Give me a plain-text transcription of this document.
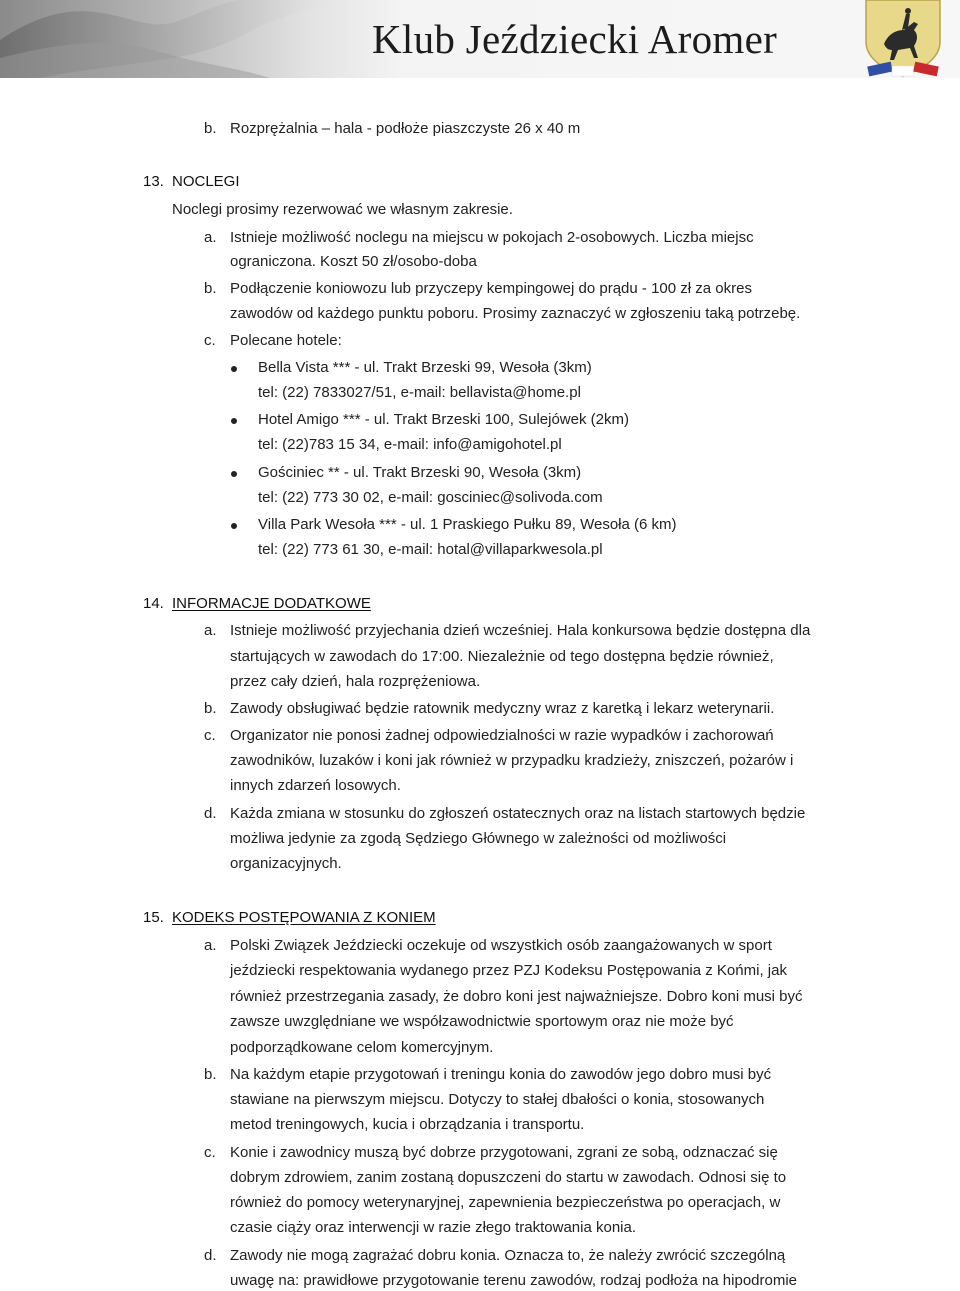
Klub Jeździecki Aromer
b. Rozprężalnia – hala - podłoże piaszczyste 26 x 40 m
13. NOCLEGI
Noclegi prosimy rezerwować we własnym zakresie.
a. Istnieje możliwość noclegu na miejscu w pokojach 2-osobowych. Liczba miejsc
ograniczona. Koszt 50 zł/osobo-doba
b. Podłączenie koniowozu lub przyczepy kempingowej do prądu - 100 zł za okres
zawodów od każdego punktu poboru. Prosimy zaznaczyć w zgłoszeniu taką potrzebę.
c. Polecane hotele:
Bella Vista *** - ul. Trakt Brzeski 99, Wesoła (3km)
tel: (22) 7833027/51, e-mail: bellavista@home.pl
Hotel Amigo *** - ul. Trakt Brzeski 100, Sulejówek (2km)
tel: (22)783 15 34, e-mail: info@amigohotel.pl
Gościniec ** - ul. Trakt Brzeski 90, Wesoła (3km)
tel: (22) 773 30 02, e-mail: gosciniec@solivoda.com
Villa Park Wesoła *** - ul. 1 Praskiego Pułku 89, Wesoła (6 km)
tel: (22) 773 61 30, e-mail: hotal@villaparkwesola.pl
14. INFORMACJE DODATKOWE
a. Istnieje możliwość przyjechania dzień wcześniej. Hala konkursowa będzie dostępna dla
startujących w zawodach do 17:00. Niezależnie od tego dostępna będzie również,
przez cały dzień, hala rozprężeniowa.
b. Zawody obsługiwać będzie ratownik medyczny wraz z karetką i lekarz weterynarii.
c. Organizator nie ponosi żadnej odpowiedzialności w razie wypadków i zachorowań
zawodników, luzaków i koni jak również w przypadku kradzieży, zniszczeń, pożarów i
innych zdarzeń losowych.
d. Każda zmiana w stosunku do zgłoszeń ostatecznych oraz na listach startowych będzie
możliwa jedynie za zgodą Sędziego Głównego w zależności od możliwości
organizacyjnych.
15. KODEKS POSTĘPOWANIA Z KONIEM
a. Polski Związek Jeździecki oczekuje od wszystkich osób zaangażowanych w sport
jeździecki respektowania wydanego przez PZJ Kodeksu Postępowania z Końmi, jak
również przestrzegania zasady, że dobro koni jest najważniejsze. Dobro koni musi być
zawsze uwzględniane we współzawodnictwie sportowym oraz nie może być
podporządkowane celom komercyjnym.
b. Na każdym etapie przygotowań i treningu konia do zawodów jego dobro musi być
stawiane na pierwszym miejscu. Dotyczy to stałej dbałości o konia, stosowanych
metod treningowych, kucia i obrządzania i transportu.
c. Konie i zawodnicy muszą być dobrze przygotowani, zgrani ze sobą, odznaczać się
dobrym zdrowiem, zanim zostaną dopuszczeni do startu w zawodach. Odnosi się to
również do pomocy weterynaryjnej, zapewnienia bezpieczeństwa po operacjach, w
czasie ciąży oraz interwencji w razie złego traktowania konia.
d. Zawody nie mogą zagrażać dobru konia. Oznacza to, że należy zwrócić szczególną
uwagę na: prawidłowe przygotowanie terenu zawodów, rodzaj podłoża na hipodromie
